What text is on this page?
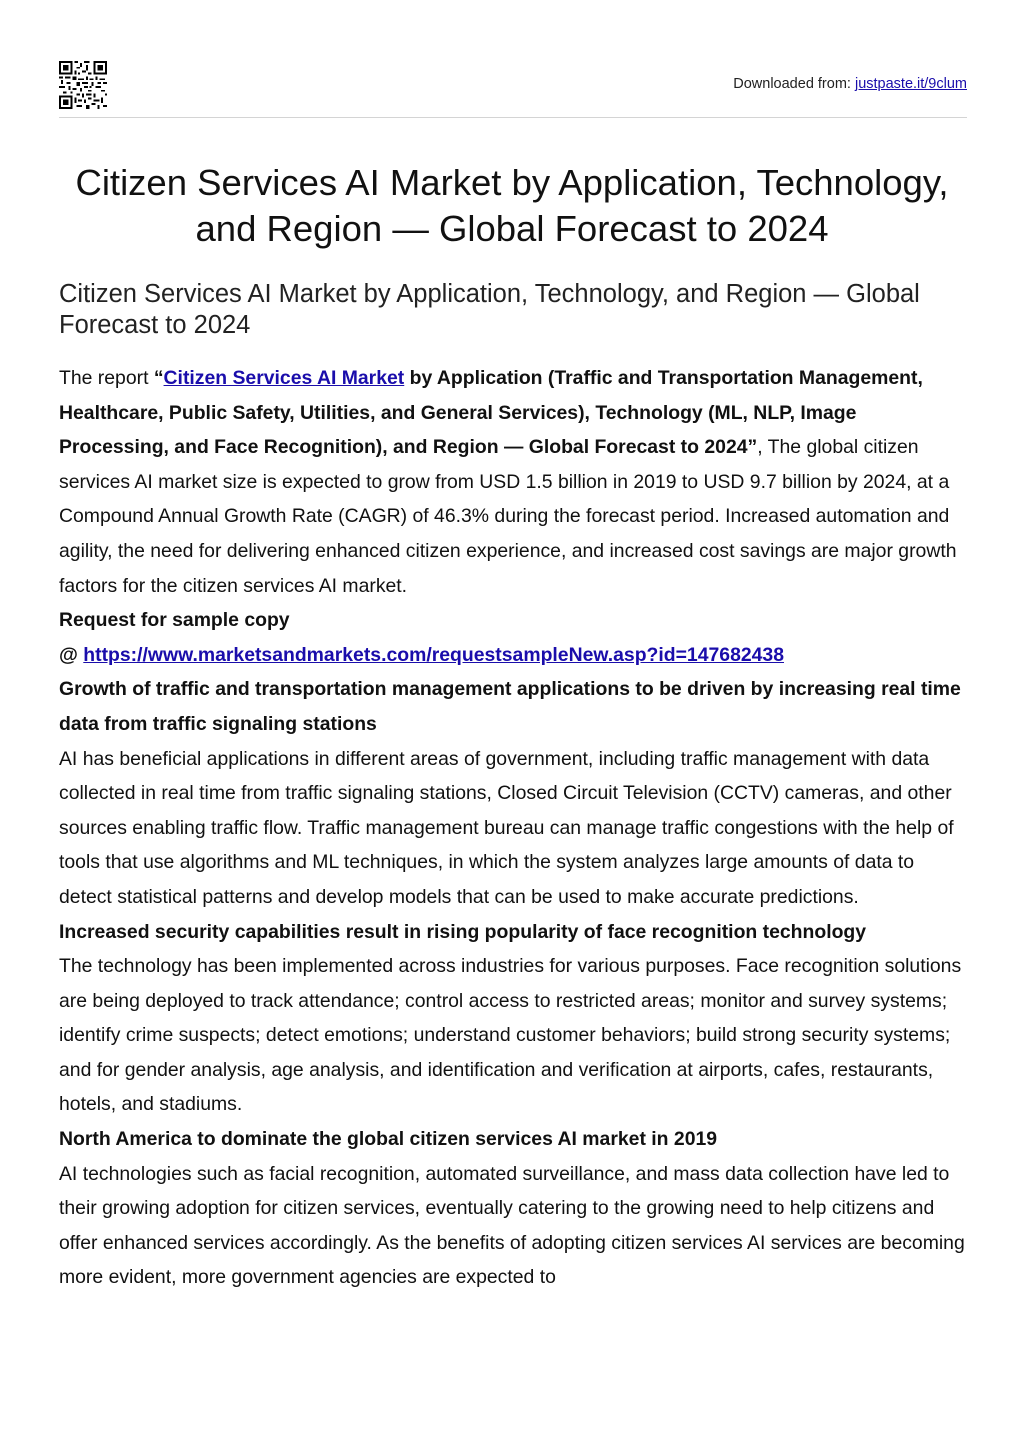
Downloaded from: justpaste.it/9clum
Citizen Services AI Market by Application, Technology, and Region — Global Forecast to 2024
Citizen Services AI Market by Application, Technology, and Region — Global Forecast to 2024

The report “Citizen Services AI Market by Application (Traffic and Transportation Management, Healthcare, Public Safety, Utilities, and General Services), Technology (ML, NLP, Image Processing, and Face Recognition), and Region — Global Forecast to 2024”, The global citizen services AI market size is expected to grow from USD 1.5 billion in 2019 to USD 9.7 billion by 2024, at a Compound Annual Growth Rate (CAGR) of 46.3% during the forecast period. Increased automation and agility, the need for delivering enhanced citizen experience, and increased cost savings are major growth factors for the citizen services AI market.

Request for sample copy

@ https://www.marketsandmarkets.com/requestsampleNew.asp?id=147682438

Growth of traffic and transportation management applications to be driven by increasing real time data from traffic signaling stations

AI has beneficial applications in different areas of government, including traffic management with data collected in real time from traffic signaling stations, Closed Circuit Television (CCTV) cameras, and other sources enabling traffic flow. Traffic management bureau can manage traffic congestions with the help of tools that use algorithms and ML techniques, in which the system analyzes large amounts of data to detect statistical patterns and develop models that can be used to make accurate predictions.

Increased security capabilities result in rising popularity of face recognition technology

The technology has been implemented across industries for various purposes. Face recognition solutions are being deployed to track attendance; control access to restricted areas; monitor and survey systems; identify crime suspects; detect emotions; understand customer behaviors; build strong security systems; and for gender analysis, age analysis, and identification and verification at airports, cafes, restaurants, hotels, and stadiums.

North America to dominate the global citizen services AI market in 2019

AI technologies such as facial recognition, automated surveillance, and mass data collection have led to their growing adoption for citizen services, eventually catering to the growing need to help citizens and offer enhanced services accordingly. As the benefits of adopting citizen services AI services are becoming more evident, more government agencies are expected to
